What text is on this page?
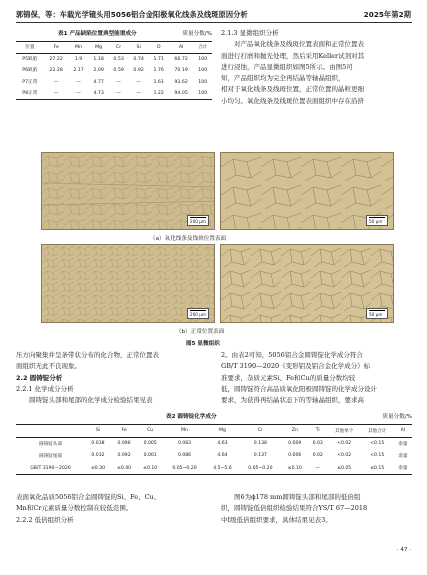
郭锦保，等：车载光学镜头用5056铝合金阳极氧化线条及线斑原因分析	2025年第2期
表1 产品缺陷位置典型能谱成分	质量分数/%
位置	Fe	Mn	Mg	Cr	Si	O	Al	合计
P5缺陷	27.22	1.9	1.18	0.53	0.74	1.71	66.72	100
P6缺陷	22.28	2.17	2.09	0.59	0.92	1.76	70.19	100
P7正常	—	—	4.77	—	—	1.61	93.62	100
P8正常	—	—	4.73	—	—	1.22	94.05	100
2.1.3 显微组织分析
对产品氧化线条及线斑位置表面和正常位置表
面进行打磨和抛光处理，然后采用Keller试剂对其
进行浸蚀，产品显微组织如图5所示。由图5可
知，产品组织均为完全再结晶等轴晶组织，
相对于氧化线条及线斑位置，正常位置的晶粒更细
小均匀。氧化线条及线斑位置表面组织中存在沿挤
200 μm	50 μm
（a）氧化线条及线斑位置表面
200 μm	50 μm
（b）正常位置表面
图5 显微组织
压方向聚集并呈条带状分布的化合物，正常位置表
面组织无此不良现象。
2.2 圆铸锭分析
2.2.1 化学成分分析
圆铸锭头部和尾部的化学成分检验结果见表
2。由表2可知，5056铝合金圆铸锭化学成分符合
GB/T 3190—2020《变形铝及铝合金化学成分》标
准要求，杂质元素Si、Fe和Cu的质量分数均较
低，圆铸锭符合高品质氧化阳极圆铸锭的化学成分设计
要求，为获得再结晶状态下的等轴晶组织，要求高
表2 圆铸锭化学成分	质量分数/%
	Si	Fe	Cu	Mn	Mg	Cr	Zn	Ti	其他单个	其他合计	Al
圆铸锭头部	0.038	0.096	0.005	0.083	4.63	0.138	0.009	0.03	<0.02	<0.15	余量
圆铸锭尾部	0.032	0.092	0.001	0.086	4.64	0.137	0.006	0.02	<0.02	<0.15	余量
GB/T 3190—2020	≤0.30	≤0.40	≤0.10	0.05~0.20	4.5~5.6	0.05~0.20	≤0.10	—	≤0.05	≤0.15	余量
表面氧化品质5056铝合金圆铸锭的Si、Fe、Cu、
Mn和Cr元素质量分数控制在较低范围。
2.2.2 低倍组织分析
图6为ϕ178 mm圆铸锭头部和尾部的低倍组
织，圆铸锭低倍组织检验结果符合YS/T 67—2018
中Ⅰ级低倍组织要求，具体结果见表3。
· 47 ·
